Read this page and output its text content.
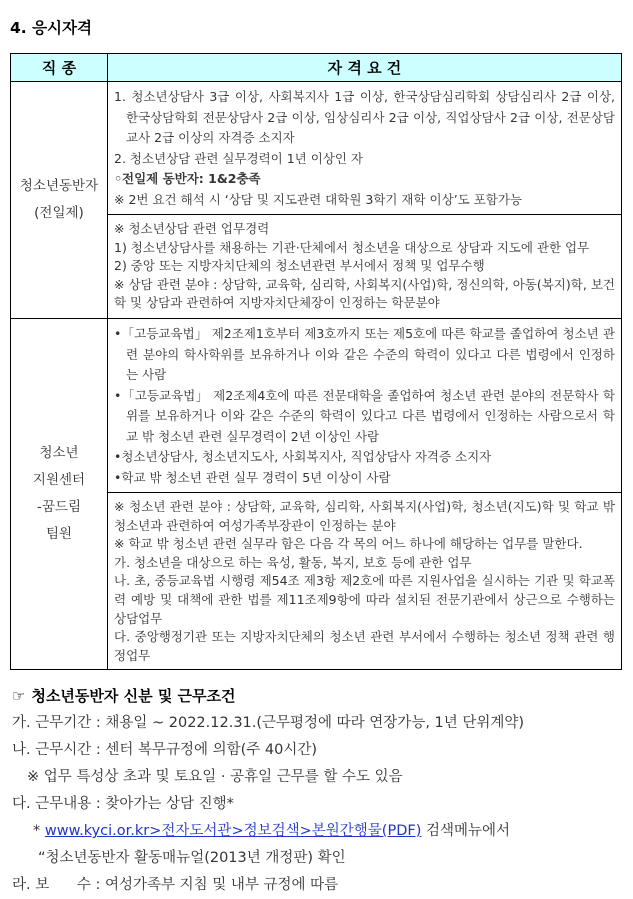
4. 응시자격
직 종	자 격 요 건

청소년동반자
(전일제)

1. 청소년상담사 3급 이상, 사회복지사 1급 이상, 한국상담심리학회 상담심리사 2급 이상, 한국상담학회 전문상담사 2급 이상, 임상심리사 2급 이상, 직업상담사 2급 이상, 전문상담교사 2급 이상의 자격증 소지자
2. 청소년상담 관련 실무경력이 1년 이상인 자
◦전일제 동반자: 1&2충족
※ 2번 요건 해석 시 ‘상담 및 지도관련 대학원 3학기 재학 이상’도 포함가능

	※ 청소년상담 관련 업무경력
1) 청소년상담사를 채용하는 기관·단체에서 청소년을 대상으로 상담과 지도에 관한 업무
2) 중앙 또는 지방자치단체의 청소년관련 부서에서 정책 및 업무수행
※ 상담 관련 분야 : 상담학, 교육학, 심리학, 사회복지(사업)학, 정신의학, 아동(복지)학, 보건학 및 상담과 관련하여 지방자치단체장이 인정하는 학문분야

청소년
지원센터
-꿈드림
팀원

•「고등교육법」 제2조제1호부터 제3호까지 또는 제5호에 따른 학교를 졸업하여 청소년 관련 분야의 학사학위를 보유하거나 이와 같은 수준의 학력이 있다고 다른 법령에서 인정하는 사람
•「고등교육법」 제2조제4호에 따른 전문대학을 졸업하여 청소년 관련 분야의 전문학사 학위를 보유하거나 이와 같은 수준의 학력이 있다고 다른 법령에서 인정하는 사람으로서 학교 밖 청소년 관련 실무경력이 2년 이상인 사람
•청소년상담사, 청소년지도사, 사회복지사, 직업상담사 자격증 소지자
•학교 밖 청소년 관련 실무 경력이 5년 이상이 사람

	※ 청소년 관련 분야 : 상담학, 교육학, 심리학, 사회복지(사업)학, 청소년(지도)학 및 학교 밖 청소년과 관련하여 여성가족부장관이 인정하는 분야
※ 학교 밖 청소년 관련 실무라 함은 다음 각 목의 어느 하나에 해당하는 업무를 말한다.
가. 청소년을 대상으로 하는 육성, 활동, 복지, 보호 등에 관한 업무
나. 초, 중등교육법 시행령 제54조 제3항 제2호에 따른 지원사업을 실시하는 기관 및 학교폭력 예방 및 대책에 관한 법를 제11조제9항에 따라 설치된 전문기관에서 상근으로 수행하는 상담업무
다. 중앙행정기관 또는 지방자치단체의 청소년 관련 부서에서 수행하는 청소년 정책 관련 행정업무
☞ 청소년동반자 신분 및 근무조건
가. 근무기간 : 채용일 ~ 2022.12.31.(근무평정에 따라 연장가능, 1년 단위계약)
나. 근무시간 : 센터 복무규정에 의함(주 40시간)
※ 업무 특성상 초과 및 토요일 · 공휴일 근무를 할 수도 있음
다. 근무내용 : 찾아가는 상담 진행*
* www.kyci.or.kr>전자도서관>정보검색>본원간행물(PDF) 검색메뉴에서
“청소년동반자 활동매뉴얼(2013년 개정판) 확인
라. 보      수 : 여성가족부 지침 및 내부 규정에 따름
